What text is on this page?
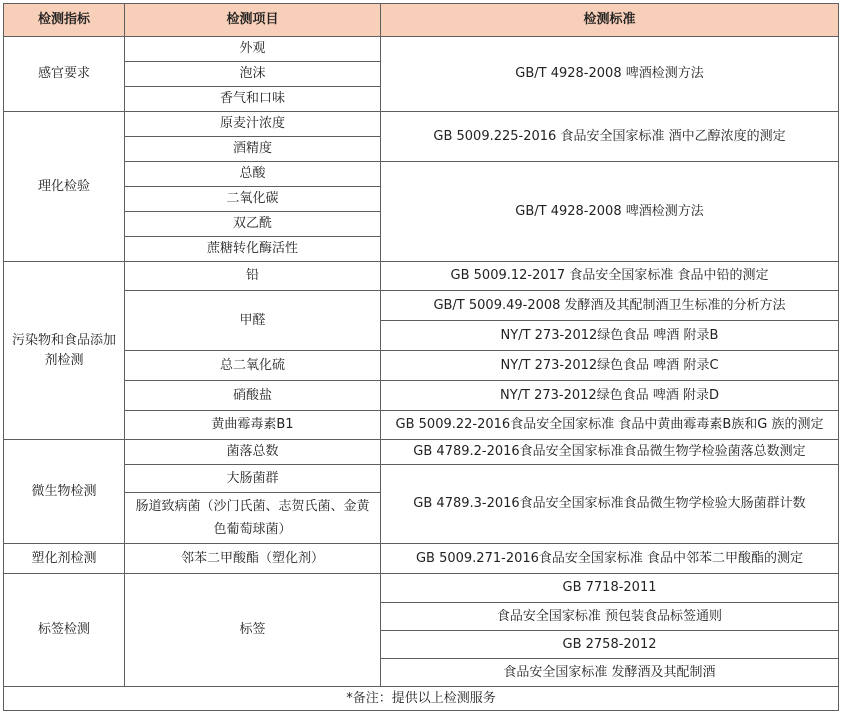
检测指标	检测项目	检测标准
感官要求	外观	GB/T 4928-2008 啤酒检测方法
	泡沫	
	香气和口味	
理化检验	原麦汁浓度	GB 5009.225-2016 食品安全国家标准 酒中乙醇浓度的测定
	酒精度	
	总酸	GB/T 4928-2008 啤酒检测方法
	二氧化碳	
	双乙酰	
	蔗糖转化酶活性	
污染物和食品添加剂检测	铅	GB 5009.12-2017 食品安全国家标准 食品中铅的测定
	甲醛	GB/T 5009.49-2008 发酵酒及其配制酒卫生标准的分析方法
		NY/T 273-2012绿色食品 啤酒 附录B
	总二氧化硫	NY/T 273-2012绿色食品 啤酒 附录C
	硝酸盐	NY/T 273-2012绿色食品 啤酒 附录D
	黄曲霉毒素B1	GB 5009.22-2016食品安全国家标准 食品中黄曲霉毒素B族和G 族的测定
微生物检测	菌落总数	GB 4789.2-2016食品安全国家标准食品微生物学检验菌落总数测定
	大肠菌群	GB 4789.3-2016食品安全国家标准食品微生物学检验大肠菌群计数
	肠道致病菌（沙门氏菌、志贺氏菌、金黄色葡萄球菌）	
塑化剂检测	邻苯二甲酸酯（塑化剂）	GB 5009.271-2016食品安全国家标准 食品中邻苯二甲酸酯的测定
标签检测	标签	GB 7718-2011
		食品安全国家标准 预包装食品标签通则
		GB 2758-2012
		食品安全国家标准 发酵酒及其配制酒
*备注：提供以上检测服务		
